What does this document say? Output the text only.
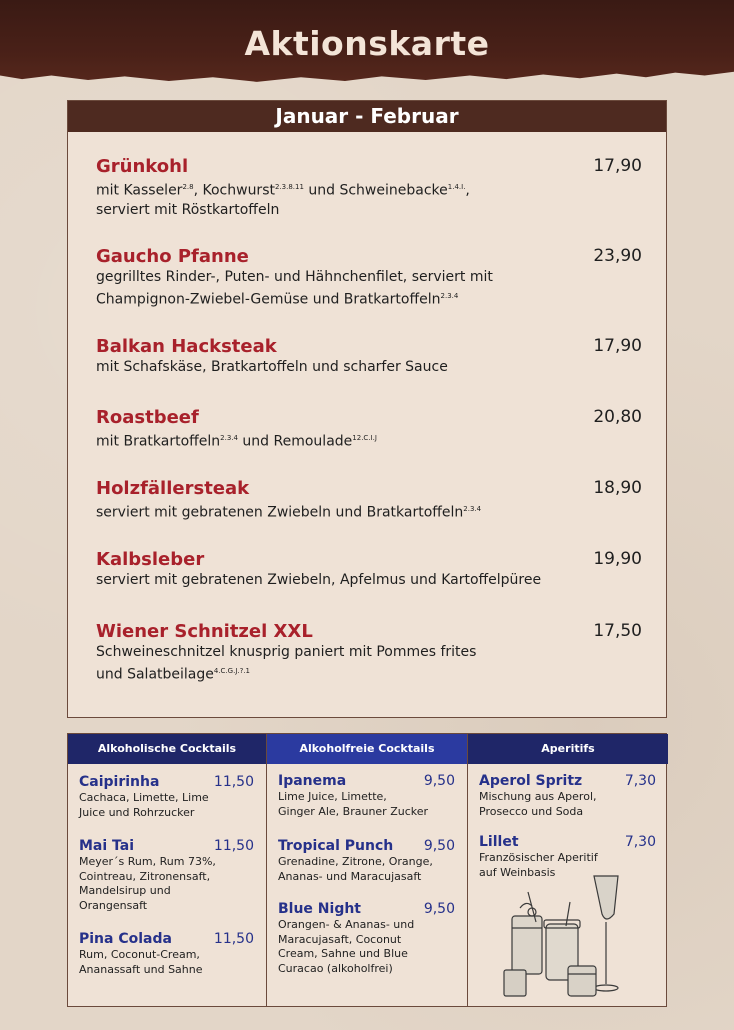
Aktionskarte
Januar - Februar
Grünkohl	17,90
mit Kasseler$^{2.8}$, Kochwurst$^{2.3.8.11}$ und Schweinebacke$^{1.4.I.}$,
serviert mit Röstkartoffeln
Gaucho Pfanne	23,90
gegrilltes Rinder-, Puten- und Hähnchenfilet, serviert mit
Champignon-Zwiebel-Gemüse und Bratkartoffeln$^{2.3.4}$
Balkan Hacksteak	17,90
mit Schafskäse, Bratkartoffeln und scharfer Sauce
Roastbeef	20,80
mit Bratkartoffeln$^{2.3.4}$ und Remoulade$^{12.C.I.J}$
Holzfällersteak	18,90
serviert mit gebratenen Zwiebeln und Bratkartoffeln$^{2.3.4}$
Kalbsleber	19,90
serviert mit gebratenen Zwiebeln, Apfelmus und Kartoffelpüree
Wiener Schnitzel XXL	17,50
Schweineschnitzel knusprig paniert mit Pommes frites
und Salatbeilage$^{4.C.G.J.?.1}$
Alkoholische Cocktails
Caipirinha	11,50
Cachaca, Limette, Lime
Juice und Rohrzucker
Mai Tai	11,50
Meyer´s Rum, Rum 73%,
Cointreau, Zitronensaft,
Mandelsirup und
Orangensaft
Pina Colada	11,50
Rum, Coconut-Cream,
Ananassaft und Sahne
Alkoholfreie Cocktails
Ipanema	9,50
Lime Juice, Limette,
Ginger Ale, Brauner Zucker
Tropical Punch	9,50
Grenadine, Zitrone, Orange,
Ananas- und Maracujasaft
Blue Night	9,50
Orangen- & Ananas- und
Maracujasaft, Coconut
Cream, Sahne und Blue
Curacao (alkoholfrei)
Aperitifs
Aperol Spritz	7,30
Mischung aus Aperol,
Prosecco und Soda
Lillet	7,30
Französischer Aperitif
auf Weinbasis
